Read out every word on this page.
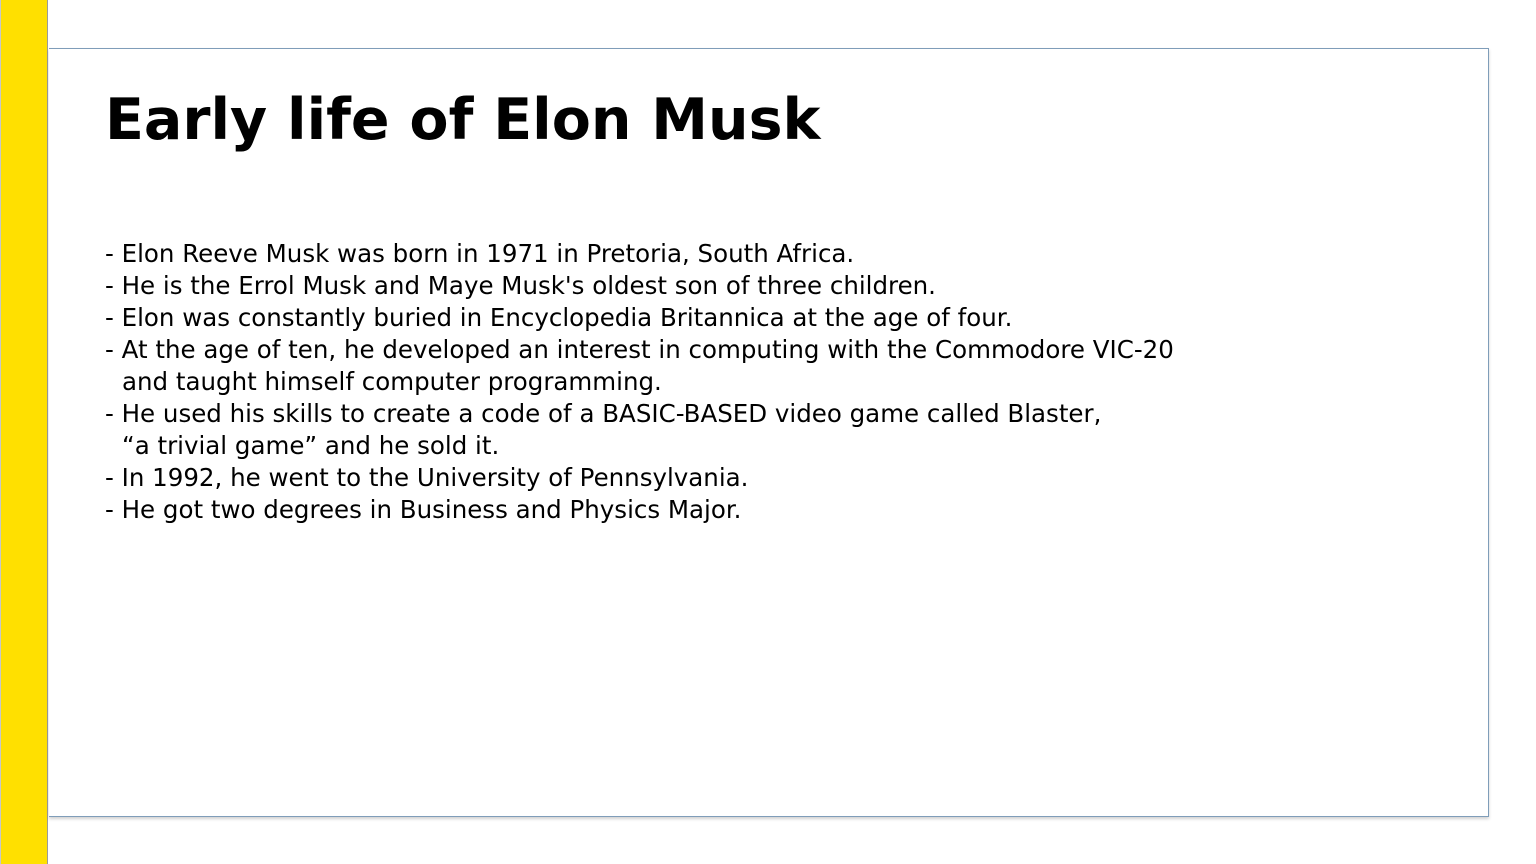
Early life of Elon Musk
- Elon Reeve Musk was born in 1971 in Pretoria, South Africa.
- He is the Errol Musk and Maye Musk's oldest son of three children.
- Elon was constantly buried in Encyclopedia Britannica at the age of four.
- At the age of ten, he developed an interest in computing with the Commodore VIC-20
and taught himself computer programming.
- He used his skills to create a code of a BASIC-BASED video game called Blaster,
“a trivial game” and he sold it.
- In 1992, he went to the University of Pennsylvania.
- He got two degrees in Business and Physics Major.
